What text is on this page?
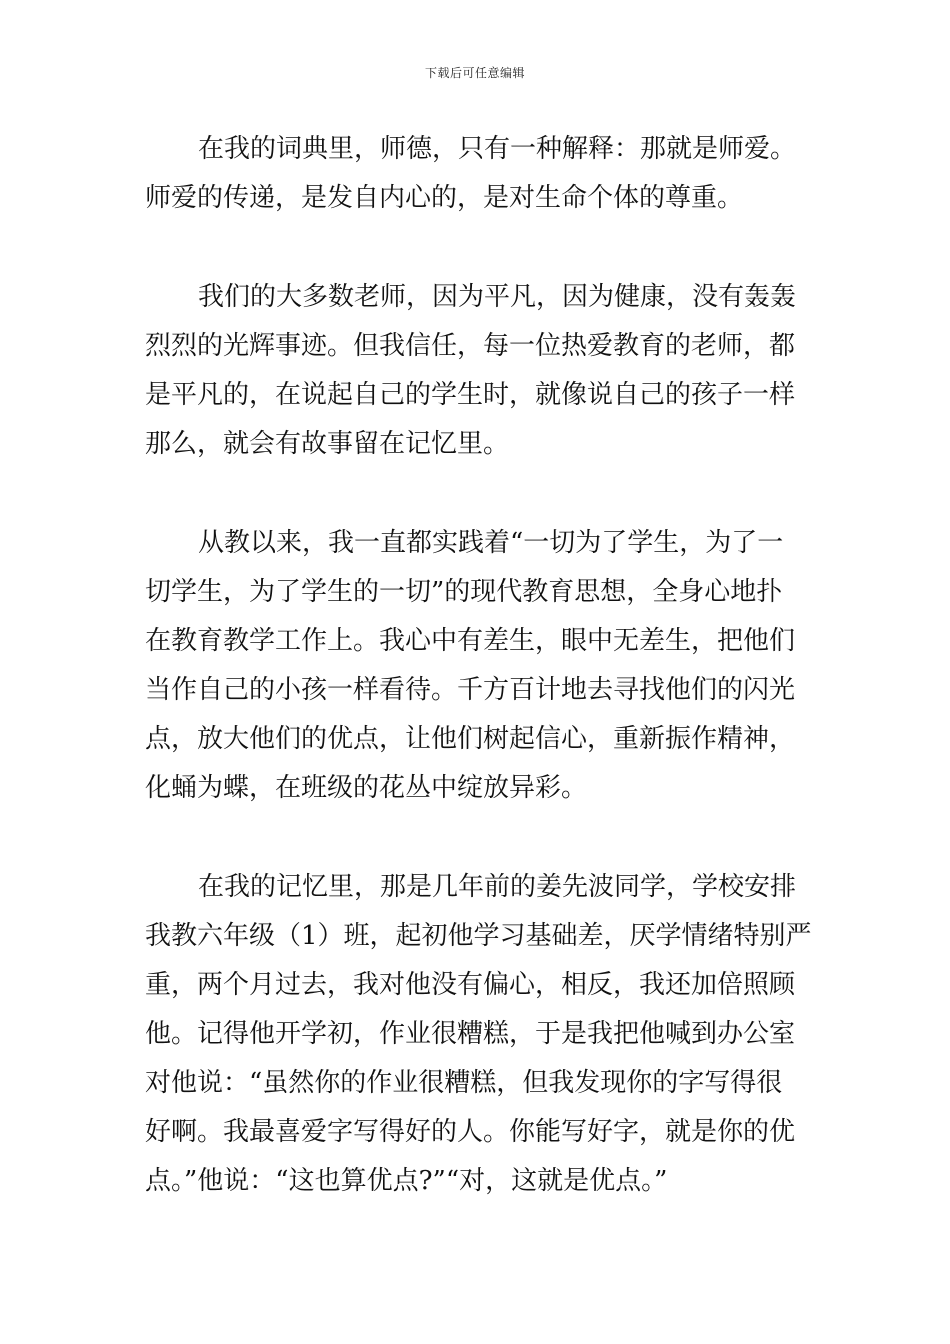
下载后可任意编辑
在我的词典里，师德，只有一种解释：那就是师爱。
师爱的传递，是发自内心的，是对生命个体的尊重。
我们的大多数老师，因为平凡，因为健康，没有轰轰
烈烈的光辉事迹。但我信任，每一位热爱教育的老师，都
是平凡的，在说起自己的学生时，就像说自己的孩子一样
那么，就会有故事留在记忆里。
从教以来，我一直都实践着“一切为了学生，为了一
切学生，为了学生的一切”的现代教育思想，全身心地扑
在教育教学工作上。我心中有差生，眼中无差生，把他们
当作自己的小孩一样看待。千方百计地去寻找他们的闪光
点，放大他们的优点，让他们树起信心，重新振作精神，
化蛹为蝶，在班级的花丛中绽放异彩。
在我的记忆里，那是几年前的姜先波同学，学校安排
我教六年级（1）班，起初他学习基础差，厌学情绪特别严
重，两个月过去，我对他没有偏心，相反，我还加倍照顾
他。记得他开学初，作业很糟糕，于是我把他喊到办公室
对他说：“虽然你的作业很糟糕，但我发现你的字写得很
好啊。我最喜爱字写得好的人。你能写好字，就是你的优
点。”他说：“这也算优点?”“对，这就是优点。”
